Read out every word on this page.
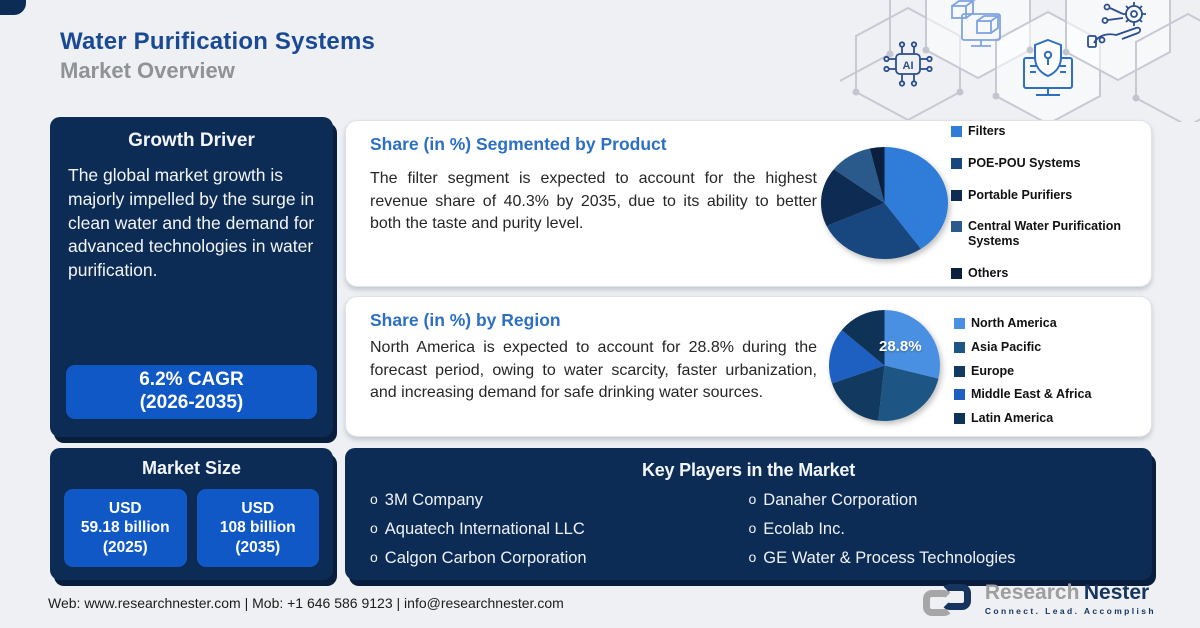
AI
Water Purification Systems
Market Overview
Growth Driver
The global market growth is majorly impelled by the surge in clean water and the demand for advanced technologies in water purification.
6.2% CAGR
(2026-2035)
Market Size
USD
59.18 billion
(2025)
USD
108 billion
(2035)
Share (in %) Segmented by Product
The filter segment is expected to account for the highest revenue share of 40.3% by 2035, due to its ability to better both the taste and purity level.
Filters
POE-POU Systems
Portable Purifiers
Central Water Purification Systems
Others
Share (in %) by Region
North America is expected to account for 28.8% during the forecast period, owing to water scarcity, faster urbanization, and increasing demand for safe drinking water sources.
28.8%
North America
Asia Pacific
Europe
Middle East & Africa
Latin America
Key Players in the Market
o 3M Company
o Aquatech International LLC
o Calgon Carbon Corporation
o Danaher Corporation
o Ecolab Inc.
o GE Water & Process Technologies
Web: www.researchnester.com | Mob: +1 646 586 9123 | info@researchnester.com	Research Nester
Connect. Lead. Accomplish
